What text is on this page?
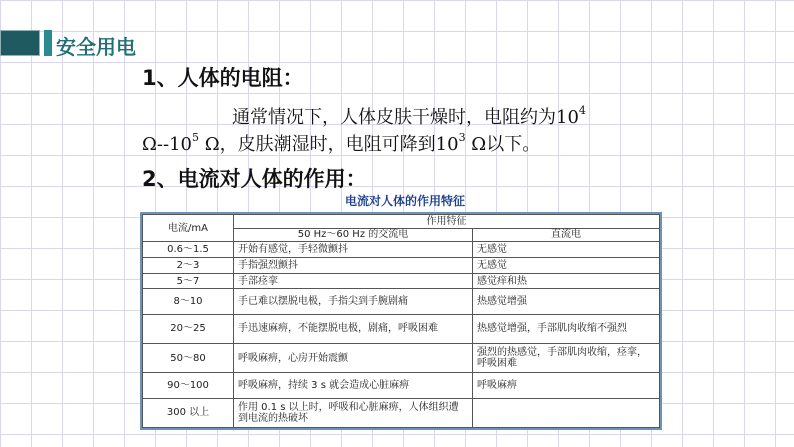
安全用电
1、人体的电阻：
通常情况下，人体皮肤干燥时，电阻约为$10^4$
$\Omega--10^5$ Ω，皮肤潮湿时，电阻可降到$10^3$ Ω以下。
2、电流对人体的作用：
电流对人体的作用特征
电流/mA	作用特征	
	50 Hz～60 Hz 的交流电	直流电
0.6～1.5	开始有感觉，手轻微颤抖	无感觉
2～3	手指强烈颤抖	无感觉
5～7	手部痉挛	感觉痒和热
8～10	手已难以摆脱电极，手指尖到手腕剧痛	热感觉增强
20～25	手迅速麻痹，不能摆脱电极，剧痛，呼吸困难	热感觉增强，手部肌肉收缩不强烈
50～80	呼吸麻痹，心房开始震颤	强烈的热感觉，手部肌肉收缩，痉挛，呼吸困难
90～100	呼吸麻痹，持续 3 s 就会造成心脏麻痹	呼吸麻痹
300 以上	作用 0.1 s 以上时，呼吸和心脏麻痹，人体组织遭到电流的热破坏	
